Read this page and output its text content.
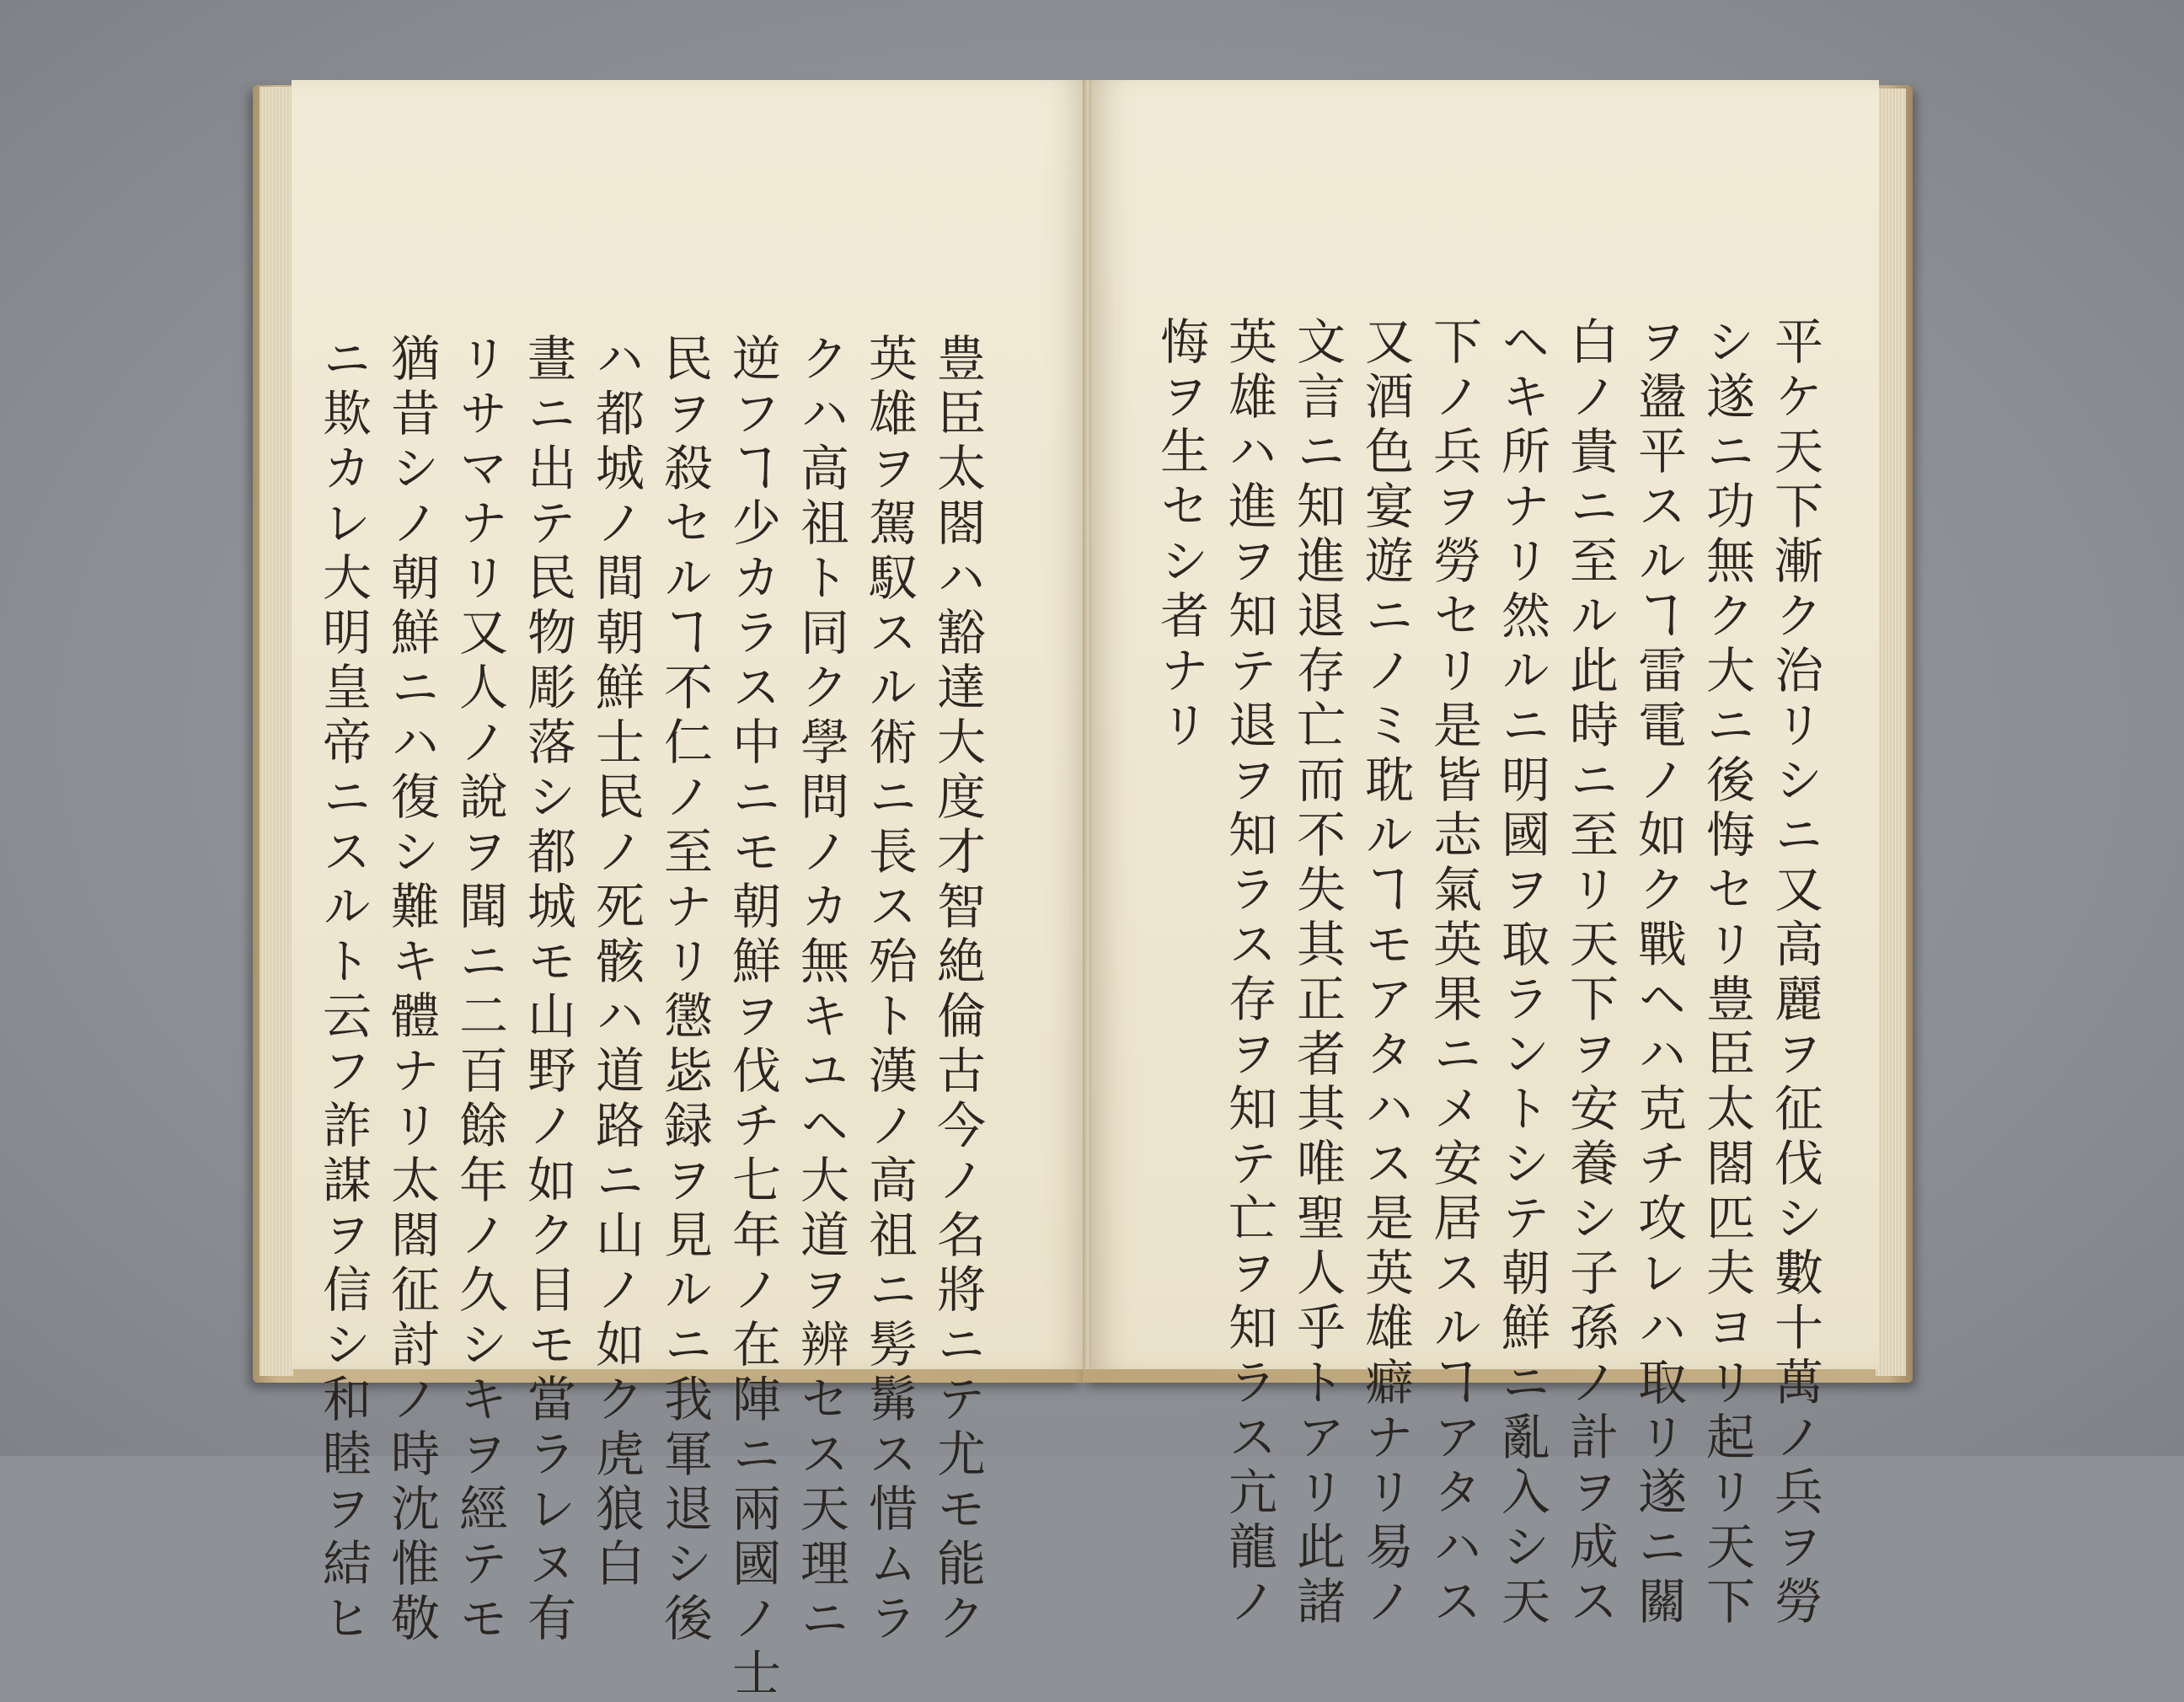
豊臣太閤ハ豁達大度才智絶倫古今ノ名將ニテ尤モ能ク
英雄ヲ駕馭スル術ニ長ス殆ト漢ノ高祖ニ髣髴ス惜ムラ
クハ高祖ト同ク學問ノカ無キユヘ大道ヲ辨セス天理ニ
逆フヿ少カラス中ニモ朝鮮ヲ伐チ七年ノ在陣ニ兩國ノ士
民ヲ殺セルヿ不仁ノ至ナリ懲毖録ヲ見ルニ我軍退シ後
ハ都城ノ間朝鮮士民ノ死骸ハ道路ニ山ノ如ク虎狼白
晝ニ出テ民物彫落シ都城モ山野ノ如ク目モ當ラレヌ有
リサマナリ又人ノ說ヲ聞ニ二百餘年ノ久シキヲ經テモ
猶昔シノ朝鮮ニハ復シ難キ體ナリ太閤征討ノ時沈惟敬
ニ欺カレ大明皇帝ニスルト云フ詐謀ヲ信シ和睦ヲ結ヒ	平ケ天下漸ク治リシニ又高麗ヲ征伐シ數十萬ノ兵ヲ勞
シ遂ニ功無ク大ニ後悔セリ豊臣太閤匹夫ヨリ起リ天下
ヲ盪平スルヿ雷電ノ如ク戰ヘハ克チ攻レハ取リ遂ニ關
白ノ貴ニ至ル此時ニ至リ天下ヲ安養シ子孫ノ計ヲ成ス
ヘキ所ナリ然ルニ明國ヲ取ラントシテ朝鮮ニ亂入シ天
下ノ兵ヲ勞セリ是皆志氣英果ニメ安居スルヿアタハス
又酒色宴遊ニノミ耽ルヿモアタハス是英雄癖ナリ易ノ
文言ニ知進退存亡而不失其正者其唯聖人乎トアリ此諸
英雄ハ進ヲ知テ退ヲ知ラス存ヲ知テ亡ヲ知ラス亢龍ノ
悔ヲ生セシ者ナリ
